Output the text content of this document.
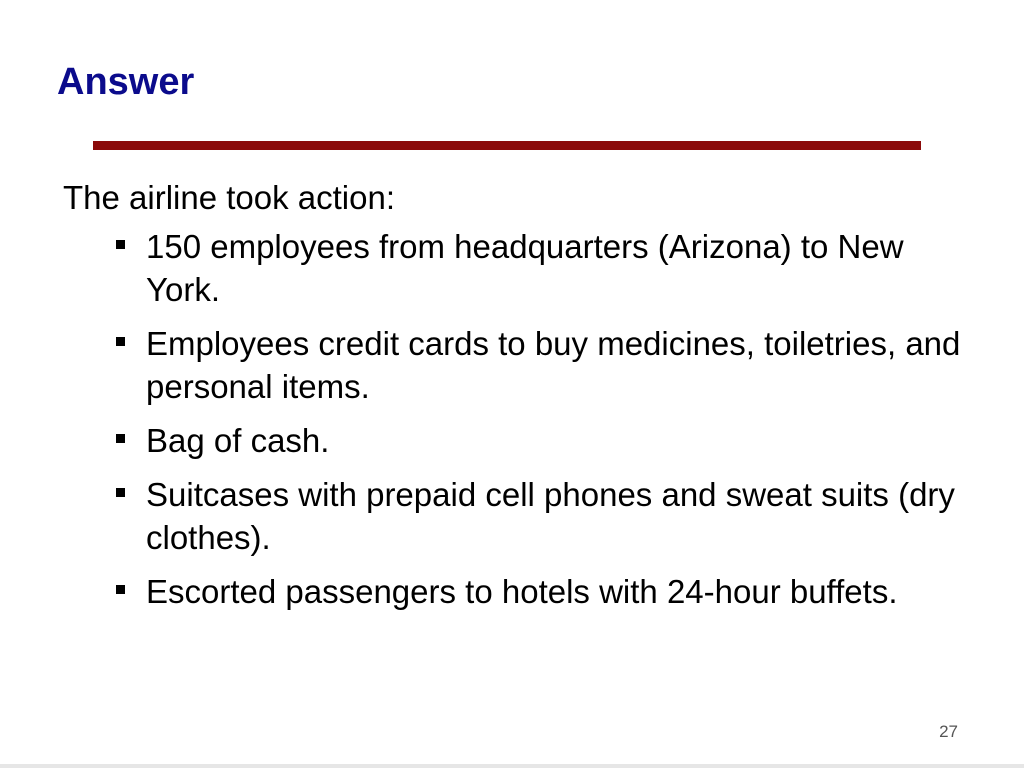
Answer

The airline took action:

150 employees from headquarters (Arizona) to New York.
Employees credit cards to buy medicines, toiletries, and personal items.
Bag of cash.
Suitcases with prepaid cell phones and sweat suits (dry clothes).
Escorted passengers to hotels with 24-hour buffets.
27
